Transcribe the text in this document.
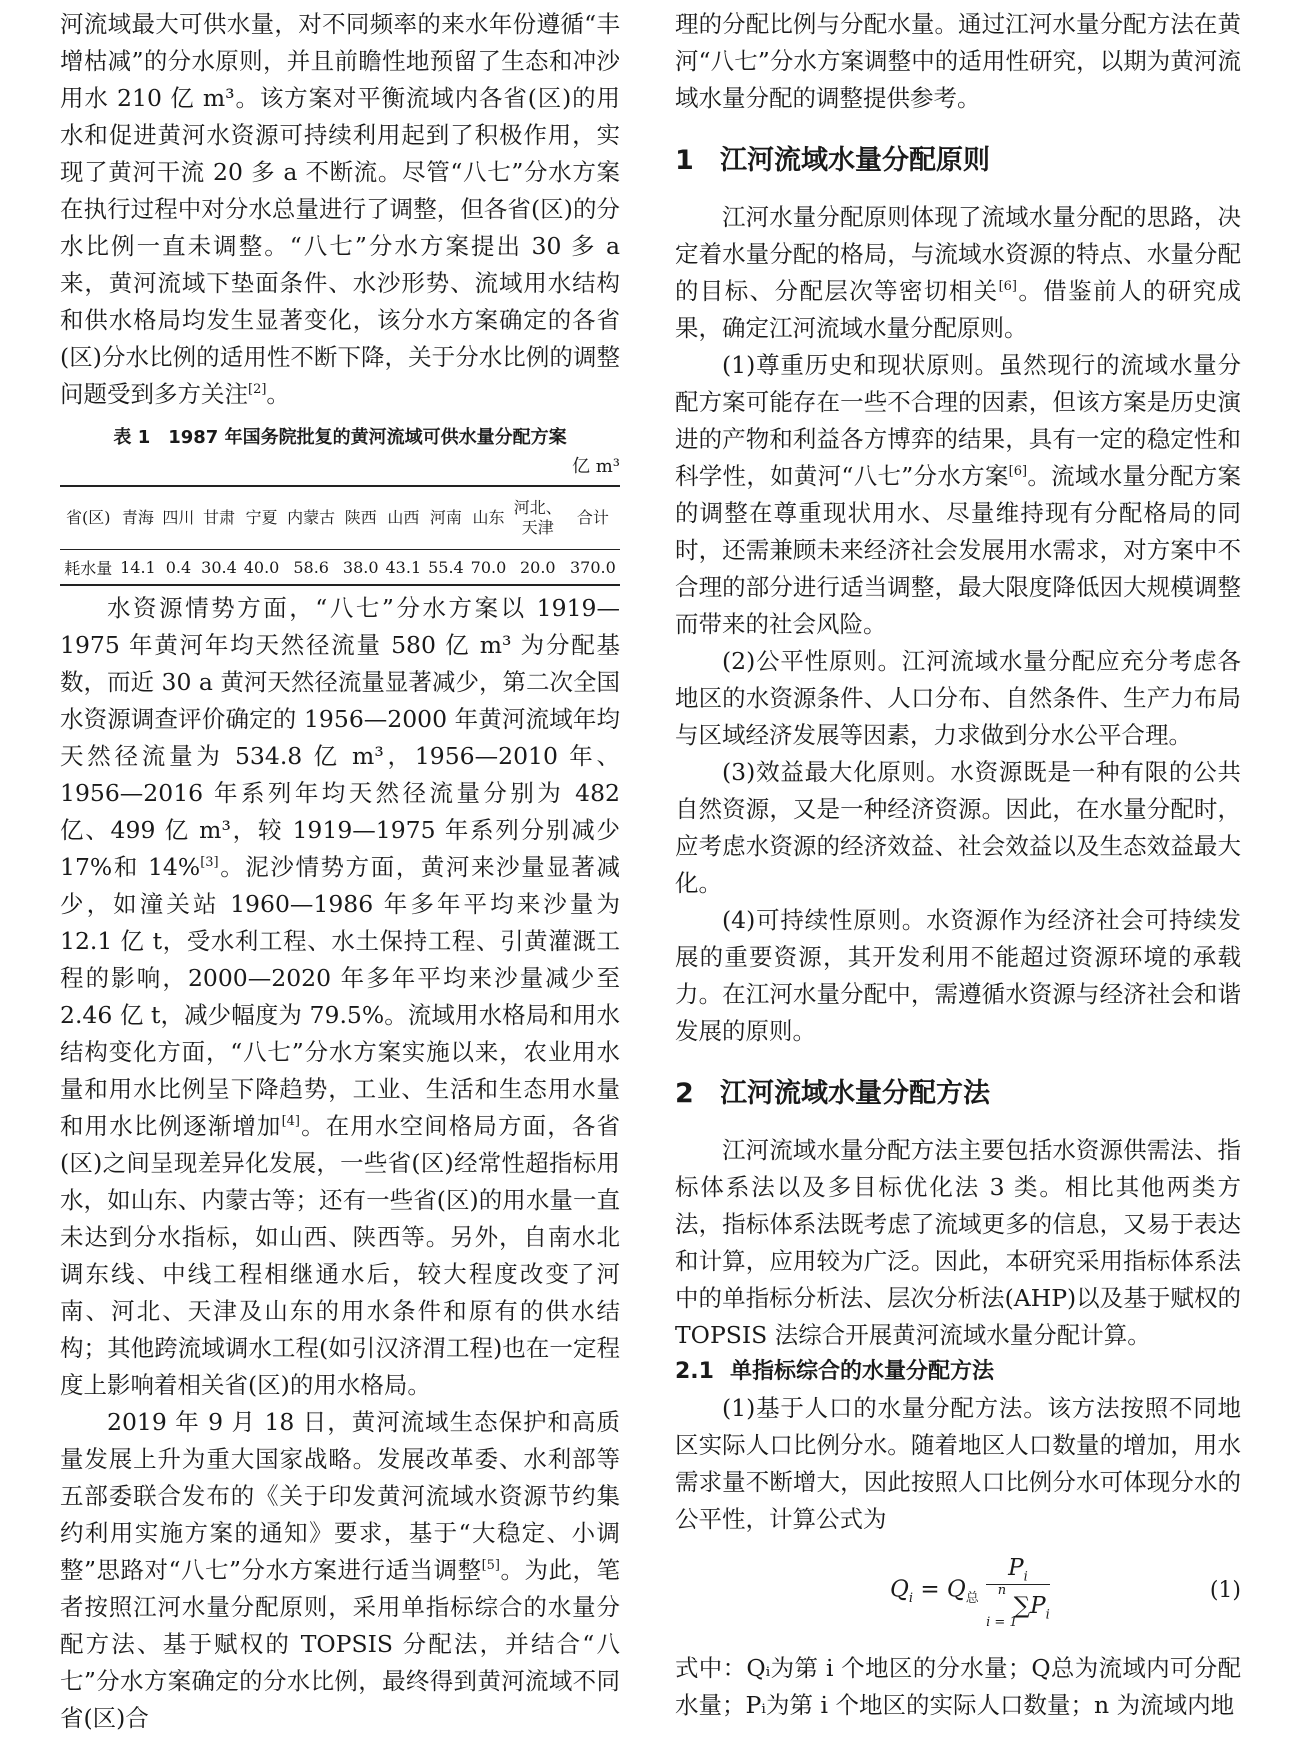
河流域最大可供水量，对不同频率的来水年份遵循“丰增枯减”的分水原则，并且前瞻性地预留了生态和冲沙用水 210 亿 m³。该方案对平衡流域内各省(区)的用水和促进黄河水资源可持续利用起到了积极作用，实现了黄河干流 20 多 a 不断流。尽管“八七”分水方案在执行过程中对分水总量进行了调整，但各省(区)的分水比例一直未调整。“八七”分水方案提出 30 多 a 来，黄河流域下垫面条件、水沙形势、流域用水结构和供水格局均发生显著变化，该分水方案确定的各省(区)分水比例的适用性不断下降，关于分水比例的调整问题受到多方关注[2]。

表 1　1987 年国务院批复的黄河流域可供水量分配方案
亿 m³
省(区)	青海	四川	甘肃	宁夏	内蒙古	陕西	山西	河南	山东	河北、天津	合计
耗水量	14.1	0.4	30.4	40.0	58.6	38.0	43.1	55.4	70.0	20.0	370.0

水资源情势方面，“八七”分水方案以 1919—1975 年黄河年均天然径流量 580 亿 m³ 为分配基数，而近 30 a 黄河天然径流量显著减少，第二次全国水资源调查评价确定的 1956—2000 年黄河流域年均天然径流量为 534.8 亿 m³，1956—2010 年、1956—2016 年系列年均天然径流量分别为 482 亿、499 亿 m³，较 1919—1975 年系列分别减少 17%和 14%[3]。泥沙情势方面，黄河来沙量显著减少，如潼关站 1960—1986 年多年平均来沙量为 12.1 亿 t，受水利工程、水土保持工程、引黄灌溉工程的影响，2000—2020 年多年平均来沙量减少至 2.46 亿 t，减少幅度为 79.5%。流域用水格局和用水结构变化方面，“八七”分水方案实施以来，农业用水量和用水比例呈下降趋势，工业、生活和生态用水量和用水比例逐渐增加[4]。在用水空间格局方面，各省(区)之间呈现差异化发展，一些省(区)经常性超指标用水，如山东、内蒙古等；还有一些省(区)的用水量一直未达到分水指标，如山西、陕西等。另外，自南水北调东线、中线工程相继通水后，较大程度改变了河南、河北、天津及山东的用水条件和原有的供水结构；其他跨流域调水工程(如引汉济渭工程)也在一定程度上影响着相关省(区)的用水格局。

2019 年 9 月 18 日，黄河流域生态保护和高质量发展上升为重大国家战略。发展改革委、水利部等五部委联合发布的《关于印发黄河流域水资源节约集约利用实施方案的通知》要求，基于“大稳定、小调整”思路对“八七”分水方案进行适当调整[5]。为此，笔者按照江河水量分配原则，采用单指标综合的水量分配方法、基于赋权的 TOPSIS 分配法，并结合“八七”分水方案确定的分水比例，最终得到黄河流域不同省(区)合

理的分配比例与分配水量。通过江河水量分配方法在黄河“八七”分水方案调整中的适用性研究，以期为黄河流域水量分配的调整提供参考。

1 江河流域水量分配原则

江河水量分配原则体现了流域水量分配的思路，决定着水量分配的格局，与流域水资源的特点、水量分配的目标、分配层次等密切相关[6]。借鉴前人的研究成果，确定江河流域水量分配原则。

(1)尊重历史和现状原则。虽然现行的流域水量分配方案可能存在一些不合理的因素，但该方案是历史演进的产物和利益各方博弈的结果，具有一定的稳定性和科学性，如黄河“八七”分水方案[6]。流域水量分配方案的调整在尊重现状用水、尽量维持现有分配格局的同时，还需兼顾未来经济社会发展用水需求，对方案中不合理的部分进行适当调整，最大限度降低因大规模调整而带来的社会风险。

(2)公平性原则。江河流域水量分配应充分考虑各地区的水资源条件、人口分布、自然条件、生产力布局与区域经济发展等因素，力求做到分水公平合理。

(3)效益最大化原则。水资源既是一种有限的公共自然资源，又是一种经济资源。因此，在水量分配时，应考虑水资源的经济效益、社会效益以及生态效益最大化。

(4)可持续性原则。水资源作为经济社会可持续发展的重要资源，其开发利用不能超过资源环境的承载力。在江河水量分配中，需遵循水资源与经济社会和谐发展的原则。

2 江河流域水量分配方法

江河流域水量分配方法主要包括水资源供需法、指标体系法以及多目标优化法 3 类。相比其他两类方法，指标体系法既考虑了流域更多的信息，又易于表达和计算，应用较为广泛。因此，本研究采用指标体系法中的单指标分析法、层次分析法(AHP)以及基于赋权的 TOPSIS 法综合开展黄河流域水量分配计算。

2.1 单指标综合的水量分配方法

(1)基于人口的水量分配方法。该方法按照不同地区实际人口比例分水。随着地区人口数量的增加，用水需求量不断增大，因此按照人口比例分水可体现分水的公平性，计算公式为

$Q_i = Q_总$ $P_i$
n
i = 1
$\sum P_i$	(1)

式中：Qᵢ为第 i 个地区的分水量；Q总为流域内可分配水量；Pᵢ为第 i 个地区的实际人口数量；n 为流域内地
